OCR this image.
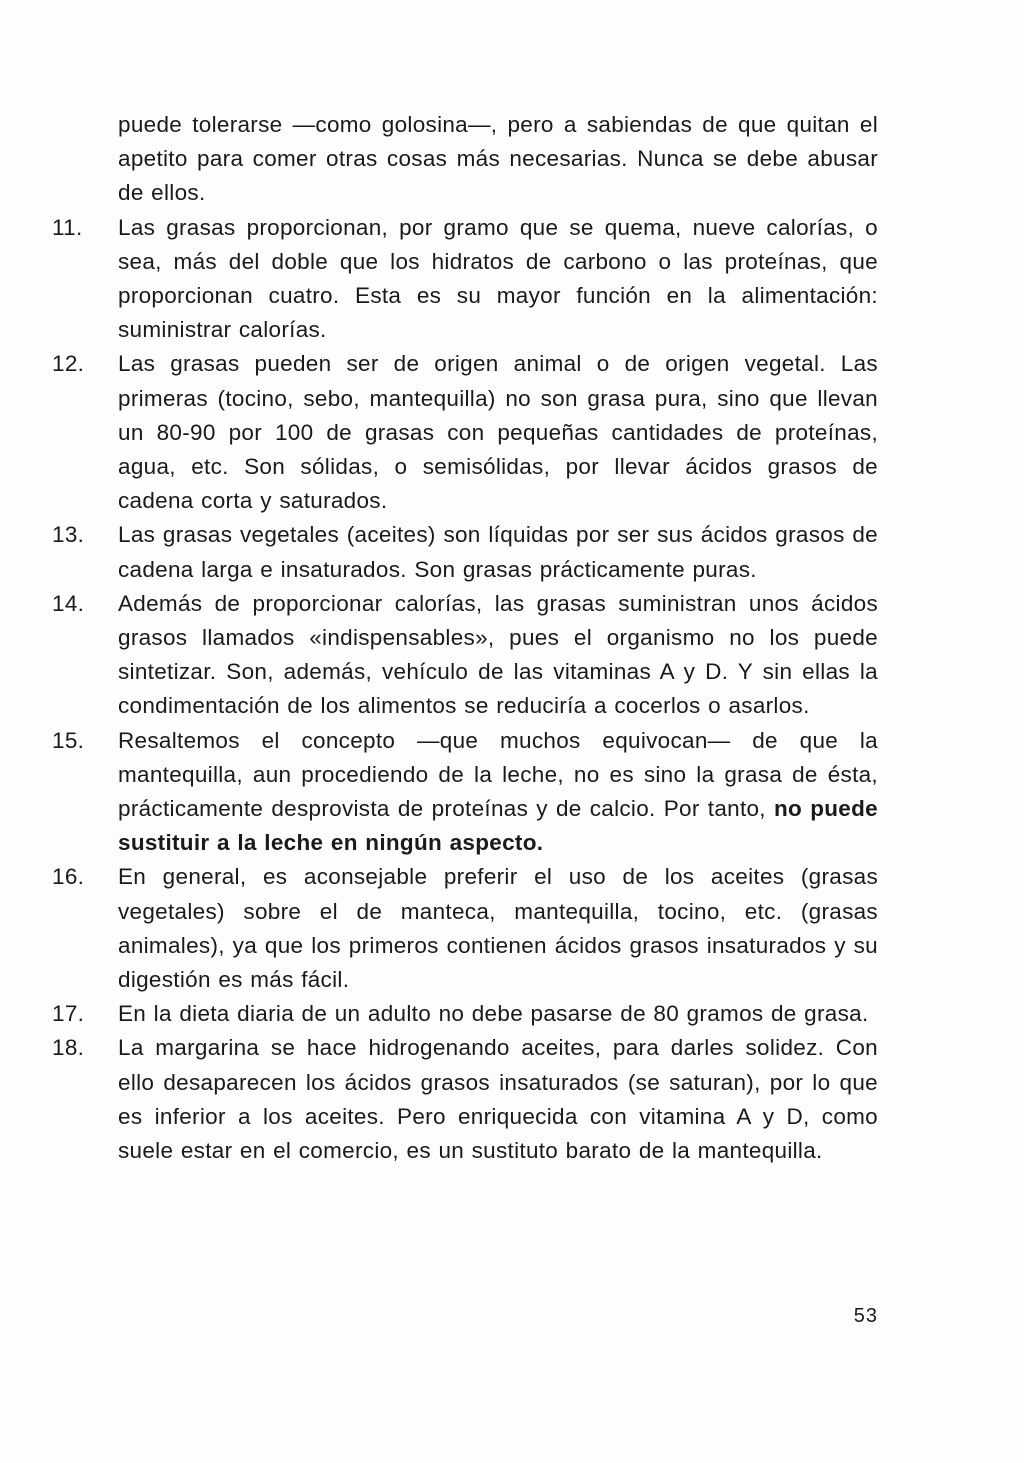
puede tolerarse —como golosina—, pero a sabiendas de que quitan el apetito para comer otras cosas más necesarias. Nunca se debe abusar de ellos.
11.	Las grasas proporcionan, por gramo que se quema, nueve calorías, o sea, más del doble que los hidratos de carbono o las proteínas, que proporcionan cuatro. Esta es su mayor función en la alimentación: suministrar calorías.
12.	Las grasas pueden ser de origen animal o de origen vegetal. Las primeras (tocino, sebo, mantequilla) no son grasa pura, sino que llevan un 80-90 por 100 de grasas con pequeñas cantidades de proteínas, agua, etc. Son sólidas, o semisólidas, por llevar ácidos grasos de cadena corta y saturados.
13.	Las grasas vegetales (aceites) son líquidas por ser sus ácidos grasos de cadena larga e insaturados. Son grasas prácticamente puras.
14.	Además de proporcionar calorías, las grasas suministran unos ácidos grasos llamados «indispensables», pues el organismo no los puede sintetizar. Son, además, vehículo de las vitaminas A y D. Y sin ellas la condimentación de los alimentos se reduciría a cocerlos o asarlos.
15.	Resaltemos el concepto —que muchos equivocan— de que la mantequilla, aun procediendo de la leche, no es sino la grasa de ésta, prácticamente desprovista de proteínas y de calcio. Por tanto, no puede sustituir a la leche en ningún aspecto.
16.	En general, es aconsejable preferir el uso de los aceites (grasas vegetales) sobre el de manteca, mantequilla, tocino, etc. (grasas animales), ya que los primeros contienen ácidos grasos insaturados y su digestión es más fácil.
17.	En la dieta diaria de un adulto no debe pasarse de 80 gramos de grasa.
18.	La margarina se hace hidrogenando aceites, para darles solidez. Con ello desaparecen los ácidos grasos insaturados (se saturan), por lo que es inferior a los aceites. Pero enriquecida con vitamina A y D, como suele estar en el comercio, es un sustituto barato de la mantequilla.
53
